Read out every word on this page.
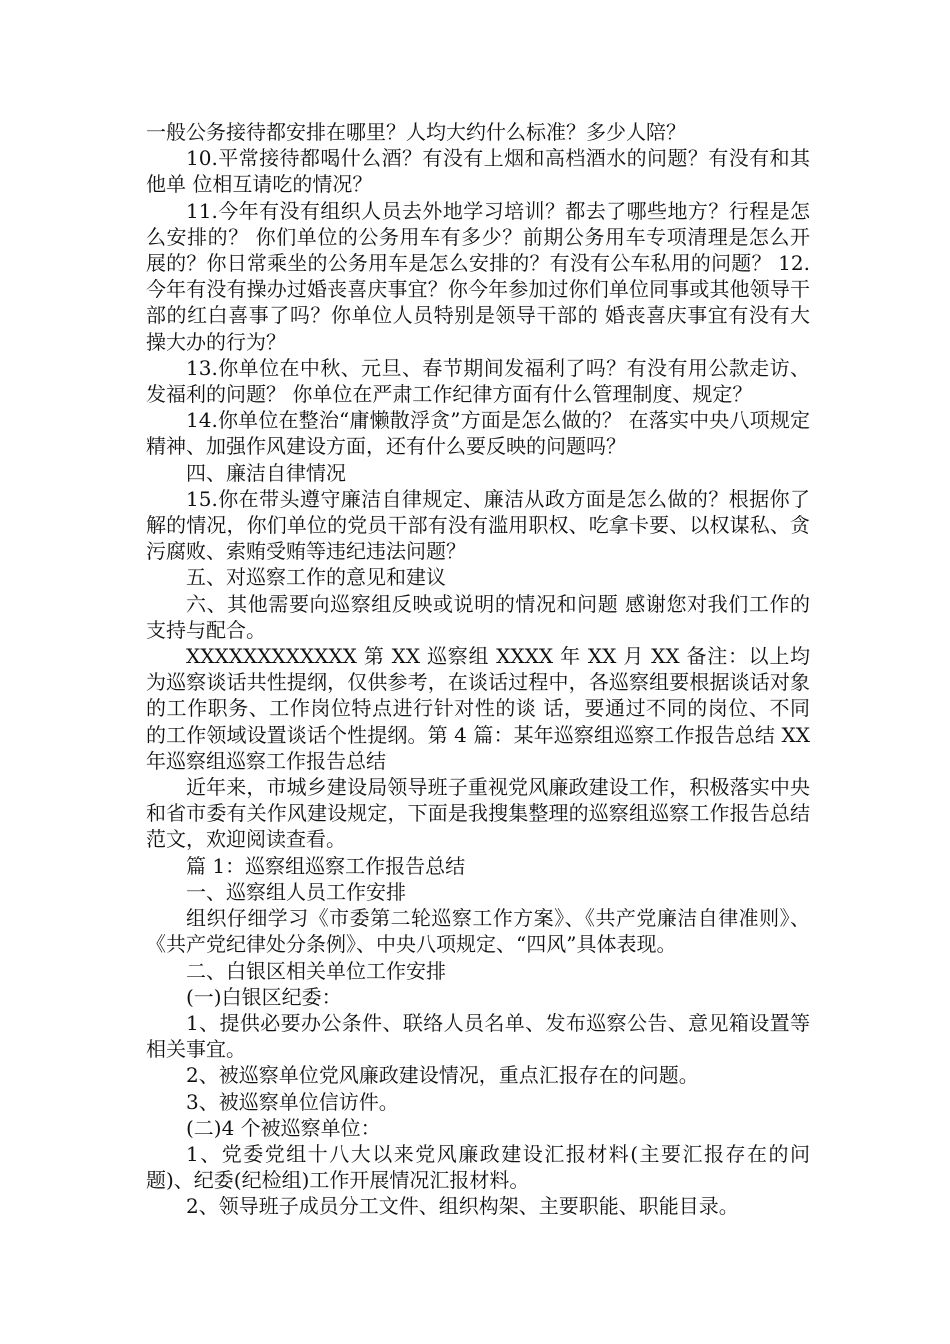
一般公务接待都安排在哪里？人均大约什么标准？多少人陪？

10.平常接待都喝什么酒？有没有上烟和高档酒水的问题？有没有和其他单 位相互请吃的情况？

11.今年有没有组织人员去外地学习培训？都去了哪些地方？行程是怎么安排的？ 你们单位的公务用车有多少？前期公务用车专项清理是怎么开展的？你日常乘坐的公务用车是怎么安排的？有没有公车私用的问题？ 12.今年有没有操办过婚丧喜庆事宜？你今年参加过你们单位同事或其他领导干部的红白喜事了吗？你单位人员特别是领导干部的 婚丧喜庆事宜有没有大操大办的行为？

13.你单位在中秋、元旦、春节期间发福利了吗？有没有用公款走访、发福利的问题？ 你单位在严肃工作纪律方面有什么管理制度、规定？

14.你单位在整治“庸懒散浮贪”方面是怎么做的？ 在落实中央八项规定精神、加强作风建设方面，还有什么要反映的问题吗？

四、廉洁自律情况

15.你在带头遵守廉洁自律规定、廉洁从政方面是怎么做的？根据你了解的情况，你们单位的党员干部有没有滥用职权、吃拿卡要、以权谋私、贪污腐败、索贿受贿等违纪违法问题？

五、对巡察工作的意见和建议

六、其他需要向巡察组反映或说明的情况和问题 感谢您对我们工作的支持与配合。

XXXXXXXXXXXX 第 XX 巡察组 XXXX 年 XX 月 XX 备注：以上均为巡察谈话共性提纲，仅供参考，在谈话过程中，各巡察组要根据谈话对象的工作职务、工作岗位特点进行针对性的谈 话，要通过不同的岗位、不同的工作领域设置谈话个性提纲。第 4 篇：某年巡察组巡察工作报告总结 XX 年巡察组巡察工作报告总结

近年来，市城乡建设局领导班子重视党风廉政建设工作，积极落实中央和省市委有关作风建设规定，下面是我搜集整理的巡察组巡察工作报告总结范文，欢迎阅读查看。

篇 1：巡察组巡察工作报告总结

一、巡察组人员工作安排

组织仔细学习《市委第二轮巡察工作方案》、《共产党廉洁自律准则》、《共产党纪律处分条例》、中央八项规定、“四风”具体表现。

二、白银区相关单位工作安排

(一)白银区纪委：

1、提供必要办公条件、联络人员名单、发布巡察公告、意见箱设置等相关事宜。

2、被巡察单位党风廉政建设情况，重点汇报存在的问题。

3、被巡察单位信访件。

(二)4 个被巡察单位：

1、党委党组十八大以来党风廉政建设汇报材料(主要汇报存在的问题)、纪委(纪检组)工作开展情况汇报材料。

2、领导班子成员分工文件、组织构架、主要职能、职能目录。
